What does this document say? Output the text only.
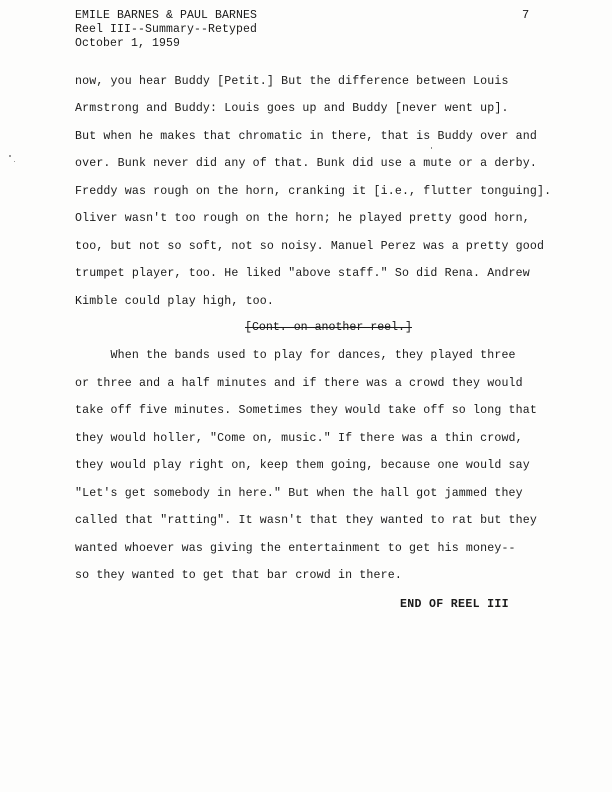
EMILE BARNES & PAUL BARNES
Reel III--Summary--Retyped
October 1, 1959
7
now, you hear Buddy [Petit.] But the difference between Louis
Armstrong and Buddy: Louis goes up and Buddy [never went up].
But when he makes that chromatic in there, that is Buddy over and
over. Bunk never did any of that. Bunk did use a mute or a derby.
Freddy was rough on the horn, cranking it [i.e., flutter tonguing].
Oliver wasn't too rough on the horn; he played pretty good horn,
too, but not so soft, not so noisy. Manuel Perez was a pretty good
trumpet player, too. He liked "above staff." So did Rena. Andrew
Kimble could play high, too.
[Cont. on another reel.]
When the bands used to play for dances, they played three
or three and a half minutes and if there was a crowd they would
take off five minutes. Sometimes they would take off so long that
they would holler, "Come on, music." If there was a thin crowd,
they would play right on, keep them going, because one would say
"Let's get somebody in here." But when the hall got jammed they
called that "ratting". It wasn't that they wanted to rat but they
wanted whoever was giving the entertainment to get his money--
so they wanted to get that bar crowd in there.
END OF REEL III
